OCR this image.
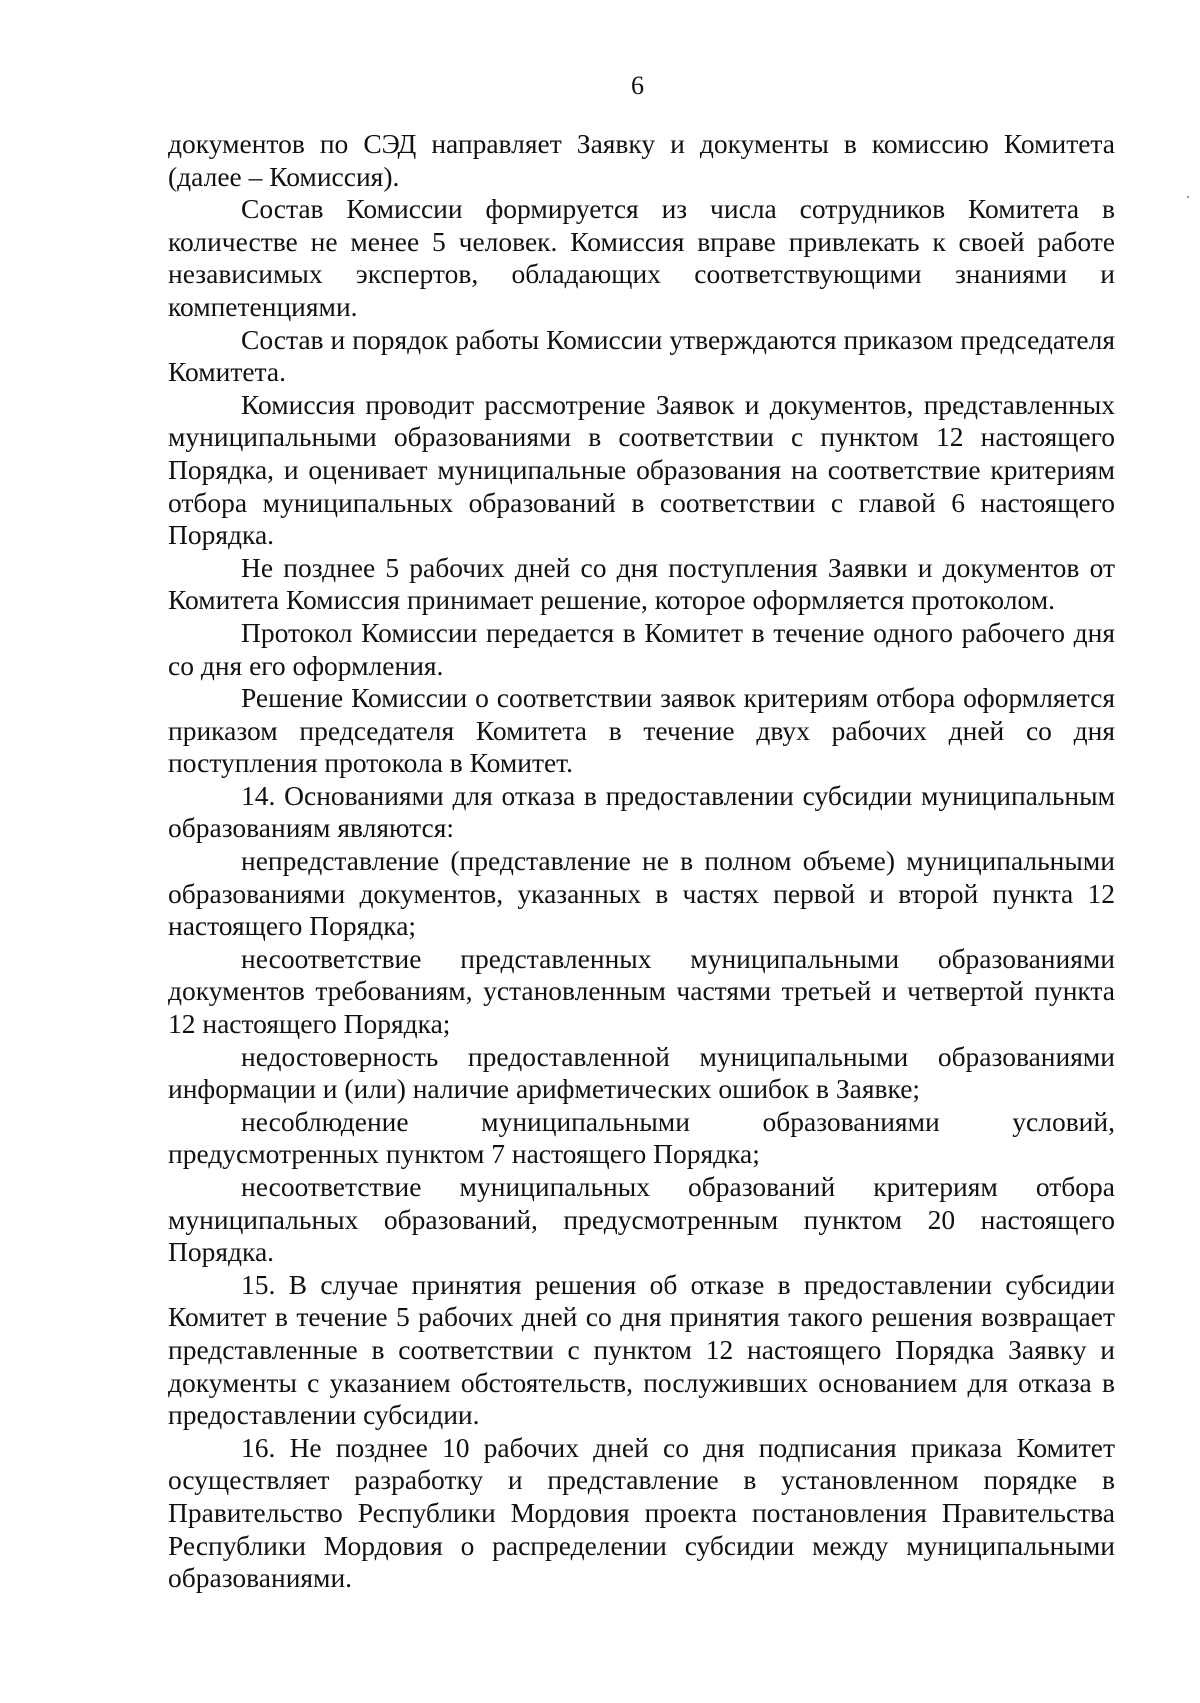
6

документов по СЭД направляет Заявку и документы в комиссию Комитета (далее – Комиссия).

Состав Комиссии формируется из числа сотрудников Комитета в количестве не менее 5 человек. Комиссия вправе привлекать к своей работе независимых экспертов, обладающих соответствующими знаниями и компетенциями.

Состав и порядок работы Комиссии утверждаются приказом председателя Комитета.

Комиссия проводит рассмотрение Заявок и документов, представленных муниципальными образованиями в соответствии с пунктом 12 настоящего Порядка, и оценивает муниципальные образования на соответствие критериям отбора муниципальных образований в соответствии с главой 6 настоящего Порядка.

Не позднее 5 рабочих дней со дня поступления Заявки и документов от Комитета Комиссия принимает решение, которое оформляется протоколом.

Протокол Комиссии передается в Комитет в течение одного рабочего дня со дня его оформления.

Решение Комиссии о соответствии заявок критериям отбора оформляется приказом председателя Комитета в течение двух рабочих дней со дня поступления протокола в Комитет.

14. Основаниями для отказа в предоставлении субсидии муниципальным образованиям являются:

непредставление (представление не в полном объеме) муниципальными образованиями документов, указанных в частях первой и второй пункта 12 настоящего Порядка;

несоответствие представленных муниципальными образованиями документов требованиям, установленным частями третьей и четвертой пункта 12 настоящего Порядка;

недостоверность предоставленной муниципальными образованиями информации и (или) наличие арифметических ошибок в Заявке;

несоблюдение муниципальными образованиями условий, предусмотренных пунктом 7 настоящего Порядка;

несоответствие муниципальных образований критериям отбора муниципальных образований, предусмотренным пунктом 20 настоящего Порядка.

15. В случае принятия решения об отказе в предоставлении субсидии Комитет в течение 5 рабочих дней со дня принятия такого решения возвращает представленные в соответствии с пунктом 12 настоящего Порядка Заявку и документы с указанием обстоятельств, послуживших основанием для отказа в предоставлении субсидии.

16. Не позднее 10 рабочих дней со дня подписания приказа Комитет осуществляет разработку и представление в установленном порядке в Правительство Республики Мордовия проекта постановления Правительства Республики Мордовия о распределении субсидии между муниципальными образованиями.
